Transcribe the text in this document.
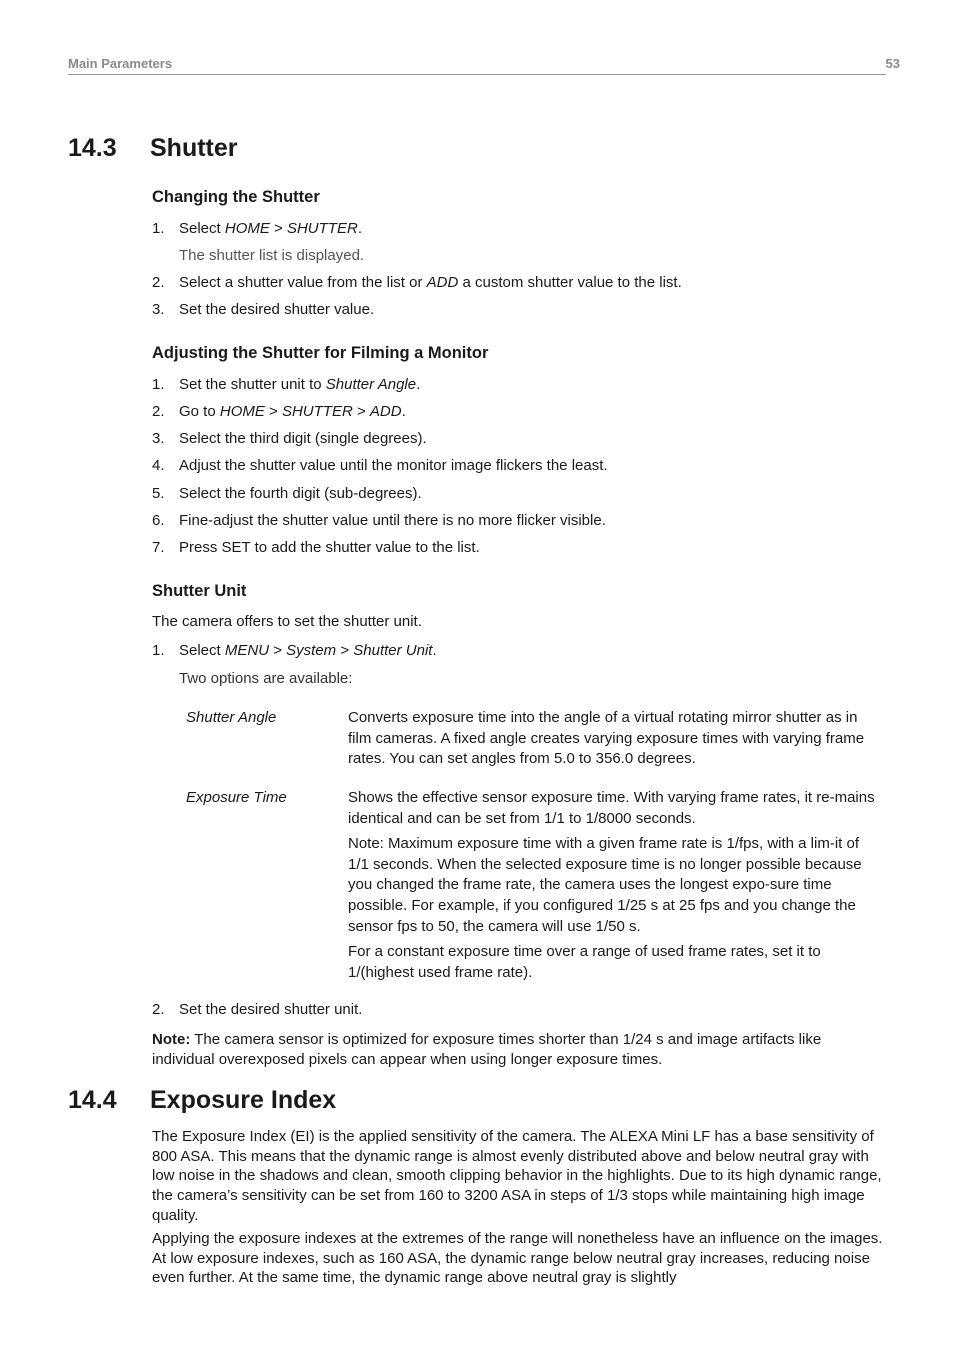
Main Parameters	53
14.3 Shutter
Changing the Shutter
1. Select HOME > SHUTTER.
The shutter list is displayed.
2. Select a shutter value from the list or ADD a custom shutter value to the list.
3. Set the desired shutter value.
Adjusting the Shutter for Filming a Monitor
1. Set the shutter unit to Shutter Angle.
2. Go to HOME > SHUTTER > ADD.
3. Select the third digit (single degrees).
4. Adjust the shutter value until the monitor image flickers the least.
5. Select the fourth digit (sub-degrees).
6. Fine-adjust the shutter value until there is no more flicker visible.
7. Press SET to add the shutter value to the list.
Shutter Unit
The camera offers to set the shutter unit.
1. Select MENU > System > Shutter Unit.
Two options are available:
Shutter Angle	Converts exposure time into the angle of a virtual rotating mirror shutter as in film cameras. A fixed angle creates varying exposure times with varying frame rates. You can set angles from 5.0 to 356.0 degrees.

Exposure Time	Shows the effective sensor exposure time. With varying frame rates, it re-mains identical and can be set from 1/1 to 1/8000 seconds.

Note: Maximum exposure time with a given frame rate is 1/fps, with a lim-it of 1/1 seconds. When the selected exposure time is no longer possible because you changed the frame rate, the camera uses the longest expo-sure time possible. For example, if you configured 1/25 s at 25 fps and you change the sensor fps to 50, the camera will use 1/50 s.

For a constant exposure time over a range of used frame rates, set it to 1/(highest used frame rate).

2. Set the desired shutter unit.
Note: The camera sensor is optimized for exposure times shorter than 1/24 s and image artifacts like individual overexposed pixels can appear when using longer exposure times.
14.4 Exposure Index
The Exposure Index (EI) is the applied sensitivity of the camera. The ALEXA Mini LF has a base sensitivity of 800 ASA. This means that the dynamic range is almost evenly distributed above and below neutral gray with low noise in the shadows and clean, smooth clipping behavior in the highlights. Due to its high dynamic range, the camera’s sensitivity can be set from 160 to 3200 ASA in steps of 1/3 stops while maintaining high image quality.
Applying the exposure indexes at the extremes of the range will nonetheless have an influence on the images. At low exposure indexes, such as 160 ASA, the dynamic range below neutral gray increases, reducing noise even further. At the same time, the dynamic range above neutral gray is slightly
